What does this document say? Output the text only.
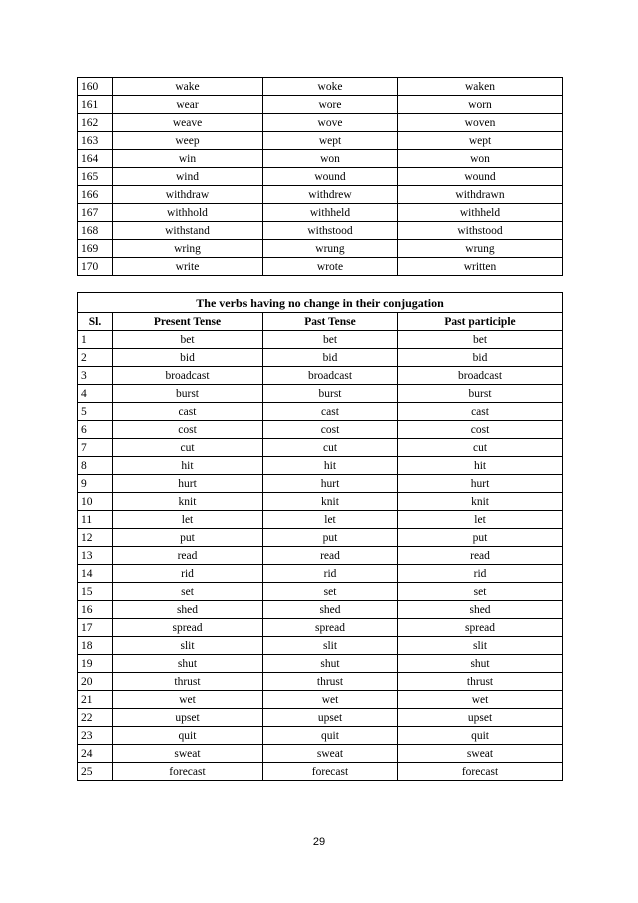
160	wake	woke	waken
161	wear	wore	worn
162	weave	wove	woven
163	weep	wept	wept
164	win	won	won
165	wind	wound	wound
166	withdraw	withdrew	withdrawn
167	withhold	withheld	withheld
168	withstand	withstood	withstood
169	wring	wrung	wrung
170	write	wrote	written
The verbs having no change in their conjugation			
Sl.	Present Tense	Past Tense	Past participle
1	bet	bet	bet
2	bid	bid	bid
3	broadcast	broadcast	broadcast
4	burst	burst	burst
5	cast	cast	cast
6	cost	cost	cost
7	cut	cut	cut
8	hit	hit	hit
9	hurt	hurt	hurt
10	knit	knit	knit
11	let	let	let
12	put	put	put
13	read	read	read
14	rid	rid	rid
15	set	set	set
16	shed	shed	shed
17	spread	spread	spread
18	slit	slit	slit
19	shut	shut	shut
20	thrust	thrust	thrust
21	wet	wet	wet
22	upset	upset	upset
23	quit	quit	quit
24	sweat	sweat	sweat
25	forecast	forecast	forecast
29
